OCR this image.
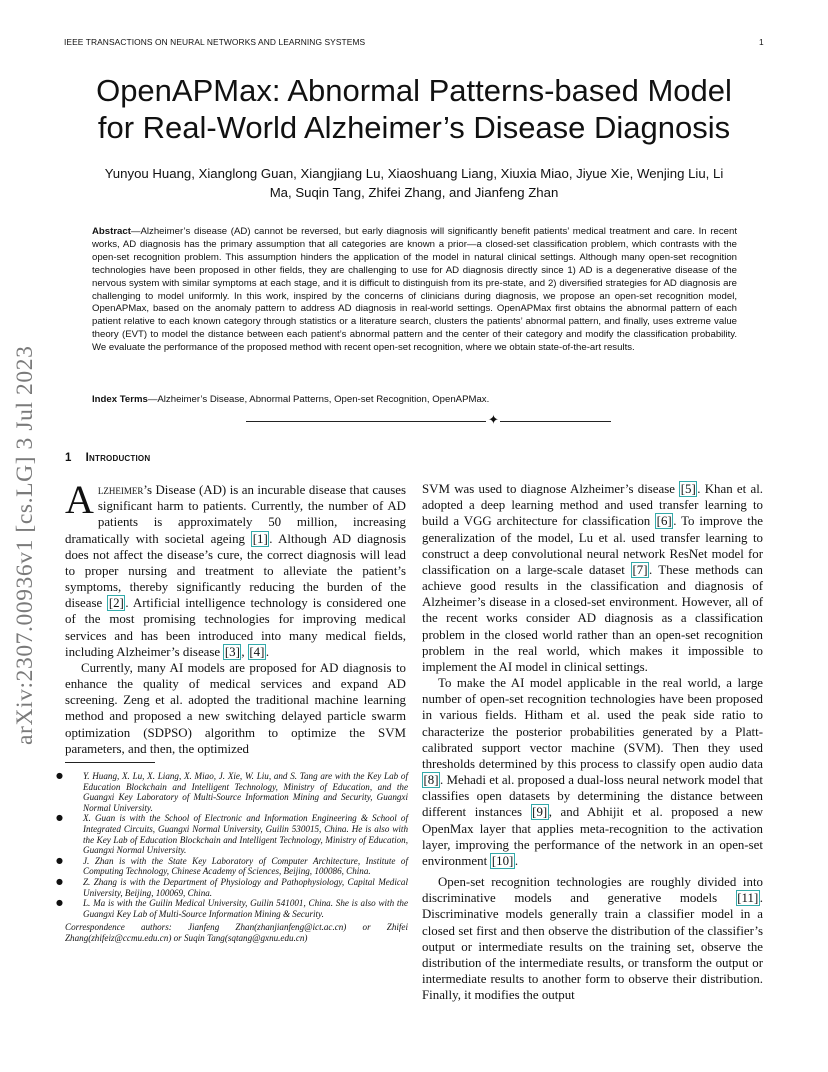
IEEE TRANSACTIONS ON NEURAL NETWORKS AND LEARNING SYSTEMS	1
arXiv:2307.00936v1 [cs.LG] 3 Jul 2023
OpenAPMax: Abnormal Patterns-based Model
for Real-World Alzheimer’s Disease Diagnosis
Yunyou Huang, Xianglong Guan, Xiangjiang Lu, Xiaoshuang Liang, Xiuxia Miao, Jiyue Xie, Wenjing Liu, Li
Ma, Suqin Tang, Zhifei Zhang, and Jianfeng Zhan
Abstract—Alzheimer’s disease (AD) cannot be reversed, but early diagnosis will significantly benefit patients’ medical treatment and care. In recent works, AD diagnosis has the primary assumption that all categories are known a prior—a closed-set classification problem, which contrasts with the open-set recognition problem. This assumption hinders the application of the model in natural clinical settings. Although many open-set recognition technologies have been proposed in other fields, they are challenging to use for AD diagnosis directly since 1) AD is a degenerative disease of the nervous system with similar symptoms at each stage, and it is difficult to distinguish from its pre-state, and 2) diversified strategies for AD diagnosis are challenging to model uniformly. In this work, inspired by the concerns of clinicians during diagnosis, we propose an open-set recognition model, OpenAPMax, based on the anomaly pattern to address AD diagnosis in real-world settings. OpenAPMax first obtains the abnormal pattern of each patient relative to each known category through statistics or a literature search, clusters the patients’ abnormal pattern, and finally, uses extreme value theory (EVT) to model the distance between each patient’s abnormal pattern and the center of their category and modify the classification probability. We evaluate the performance of the proposed method with recent open-set recognition, where we obtain state-of-the-art results.
Index Terms—Alzheimer’s Disease, Abnormal Patterns, Open-set Recognition, OpenAPMax.
✦
1 Introduction

Alzheimer’s Disease (AD) is an incurable disease that causes significant harm to patients. Currently, the number of AD patients is approximately 50 million, increasing dramatically with societal ageing [1] . Although AD diagnosis does not affect the disease’s cure, the correct diagnosis will lead to proper nursing and treatment to alleviate the patient’s symptoms, thereby significantly reducing the burden of the disease [2] . Artificial intelligence technology is considered one of the most promising technologies for improving medical services and has been introduced into many medical fields, including Alzheimer’s disease [3] , [4] .

Currently, many AI models are proposed for AD diagnosis to enhance the quality of medical services and expand AD screening. Zeng et al. adopted the traditional machine learning method and proposed a new switching delayed particle swarm optimization (SDPSO) algorithm to optimize the SVM parameters, and then, the optimized

● Y. Huang, X. Lu, X. Liang, X. Miao, J. Xie, W. Liu, and S. Tang are with the Key Lab of Education Blockchain and Intelligent Technology, Ministry of Education, and the Guangxi Key Laboratory of Multi-Source Information Mining and Security, Guangxi Normal University.
● X. Guan is with the School of Electronic and Information Engineering & School of Integrated Circuits, Guangxi Normal University, Guilin 530015, China. He is also with the Key Lab of Education Blockchain and Intelligent Technology, Ministry of Education, Guangxi Normal University.
● J. Zhan is with the State Key Laboratory of Computer Architecture, Institute of Computing Technology, Chinese Academy of Sciences, Beijing, 100086, China.
● Z. Zhang is with the Department of Physiology and Pathophysiology, Capital Medical University, Beijing, 100069, China.
● L. Ma is with the Guilin Medical University, Guilin 541001, China. She is also with the Guangxi Key Lab of Multi-Source Information Mining & Security.
Correspondence authors: Jianfeng Zhan(zhanjianfeng@ict.ac.cn) or Zhifei Zhang(zhifeiz@ccmu.edu.cn) or Suqin Tang(sqtang@gxnu.edu.cn)

SVM was used to diagnose Alzheimer’s disease [5] . Khan et al. adopted a deep learning method and used transfer learning to build a VGG architecture for classification [6] . To improve the generalization of the model, Lu et al. used transfer learning to construct a deep convolutional neural network ResNet model for classification on a large-scale dataset [7] . These methods can achieve good results in the classification and diagnosis of Alzheimer’s disease in a closed-set environment. However, all of the recent works consider AD diagnosis as a classification problem in the closed world rather than an open-set recognition problem in the real world, which makes it impossible to implement the AI model in clinical settings.

To make the AI model applicable in the real world, a large number of open-set recognition technologies have been proposed in various fields. Hitham et al. used the peak side ratio to characterize the posterior probabilities generated by a Platt-calibrated support vector machine (SVM). Then they used thresholds determined by this process to classify open audio data [8] . Mehadi et al. proposed a dual-loss neural network model that classifies open datasets by determining the distance between different instances [9] , and Abhijit et al. proposed a new OpenMax layer that applies meta-recognition to the activation layer, improving the performance of the network in an open-set environment [10] .

Open-set recognition technologies are roughly divided into discriminative models and generative models [11] . Discriminative models generally train a classifier model in a closed set first and then observe the distribution of the classifier’s output or intermediate results on the training set, observe the distribution of the intermediate results, or transform the output or intermediate results to another form to observe their distribution. Finally, it modifies the output
